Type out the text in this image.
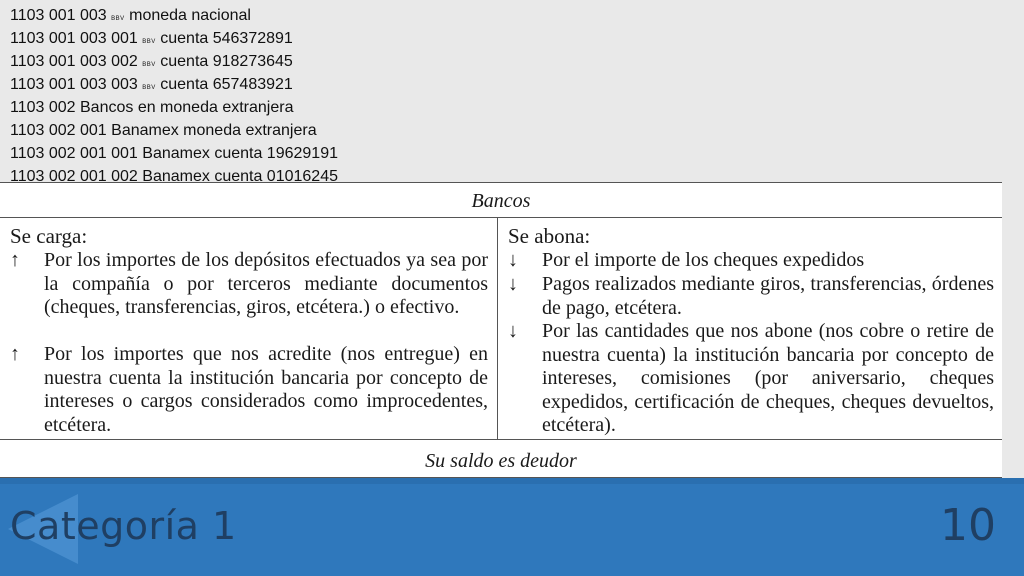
1103 001 003 BBV moneda nacional
1103 001 003 001 BBV cuenta 546372891
1103 001 003 002 BBV cuenta 918273645
1103 001 003 003 BBV cuenta 657483921
1103 002 Bancos en moneda extranjera
1103 002 001 Banamex moneda extranjera
1103 002 001 001 Banamex cuenta 19629191
1103 002 001 002 Banamex cuenta 01016245
Bancos
Se carga:	Se abona:
↑	Por los importes de los depósitos efectuados ya sea por la compañía o por terceros mediante documentos (cheques, transferencias, giros, etcétera.) o efectivo.
↑	Por los importes que nos acredite (nos entregue) en nuestra cuenta la institución bancaria por concepto de intereses o cargos considerados como improcedentes, etcétera.
↓	Por el importe de los cheques expedidos
↓	Pagos realizados mediante giros, transferencias, órdenes de pago, etcétera.
↓	Por las cantidades que nos abone (nos cobre o retire de nuestra cuenta) la institución bancaria por concepto de intereses, comisiones (por aniversario, cheques expedidos, certificación de cheques, cheques devueltos, etcétera).
Su saldo es deudor
Categoría 1	10
